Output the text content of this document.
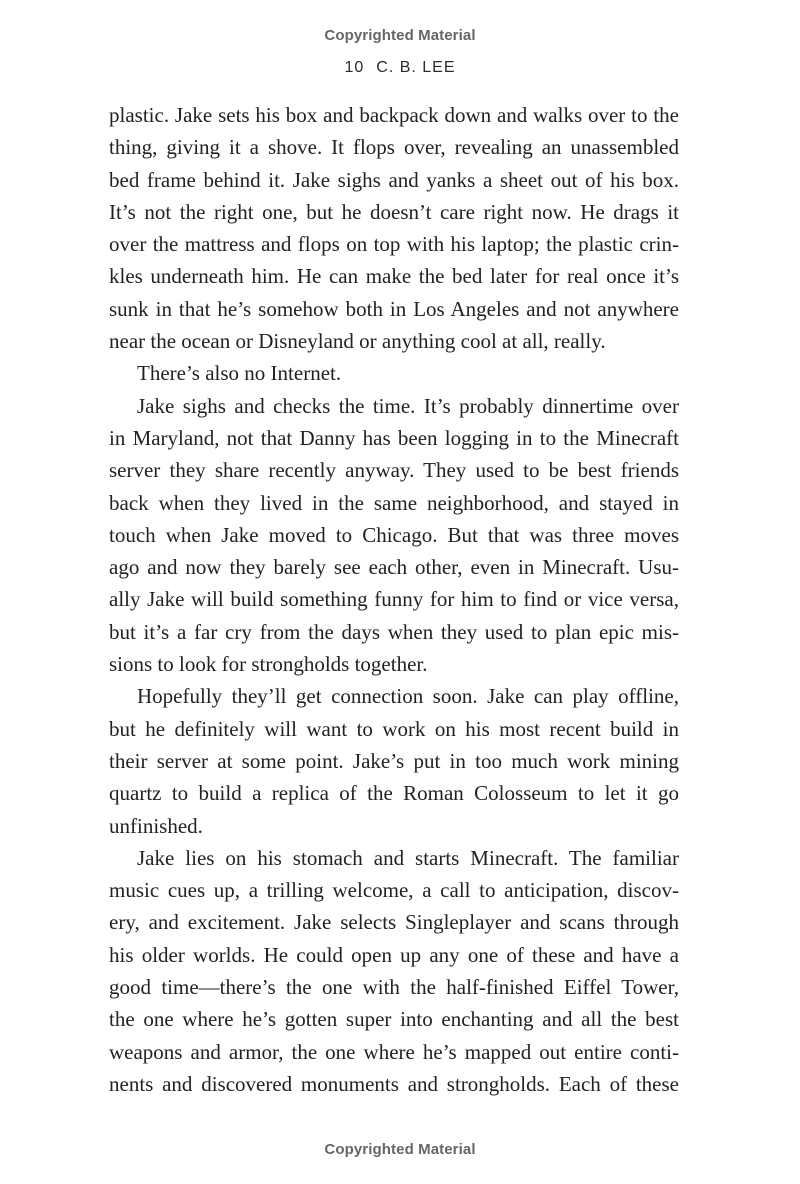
Copyrighted Material
10 C. B. LEE
plastic. Jake sets his box and backpack down and walks over to the
thing, giving it a shove. It flops over, revealing an unassembled
bed frame behind it. Jake sighs and yanks a sheet out of his box.
It’s not the right one, but he doesn’t care right now. He drags it
over the mattress and flops on top with his laptop; the plastic crin-
kles underneath him. He can make the bed later for real once it’s
sunk in that he’s somehow both in Los Angeles and not anywhere
near the ocean or Disneyland or anything cool at all, really.
There’s also no Internet.
Jake sighs and checks the time. It’s probably dinnertime over
in Maryland, not that Danny has been logging in to the Minecraft
server they share recently anyway. They used to be best friends
back when they lived in the same neighborhood, and stayed in
touch when Jake moved to Chicago. But that was three moves
ago and now they barely see each other, even in Minecraft. Usu-
ally Jake will build something funny for him to find or vice versa,
but it’s a far cry from the days when they used to plan epic mis-
sions to look for strongholds together.
Hopefully they’ll get connection soon. Jake can play offline,
but he definitely will want to work on his most recent build in
their server at some point. Jake’s put in too much work mining
quartz to build a replica of the Roman Colosseum to let it go
unfinished.
Jake lies on his stomach and starts Minecraft. The familiar
music cues up, a trilling welcome, a call to anticipation, discov-
ery, and excitement. Jake selects Singleplayer and scans through
his older worlds. He could open up any one of these and have a
good time—there’s the one with the half-finished Eiffel Tower,
the one where he’s gotten super into enchanting and all the best
weapons and armor, the one where he’s mapped out entire conti-
nents and discovered monuments and strongholds. Each of these
Copyrighted Material
